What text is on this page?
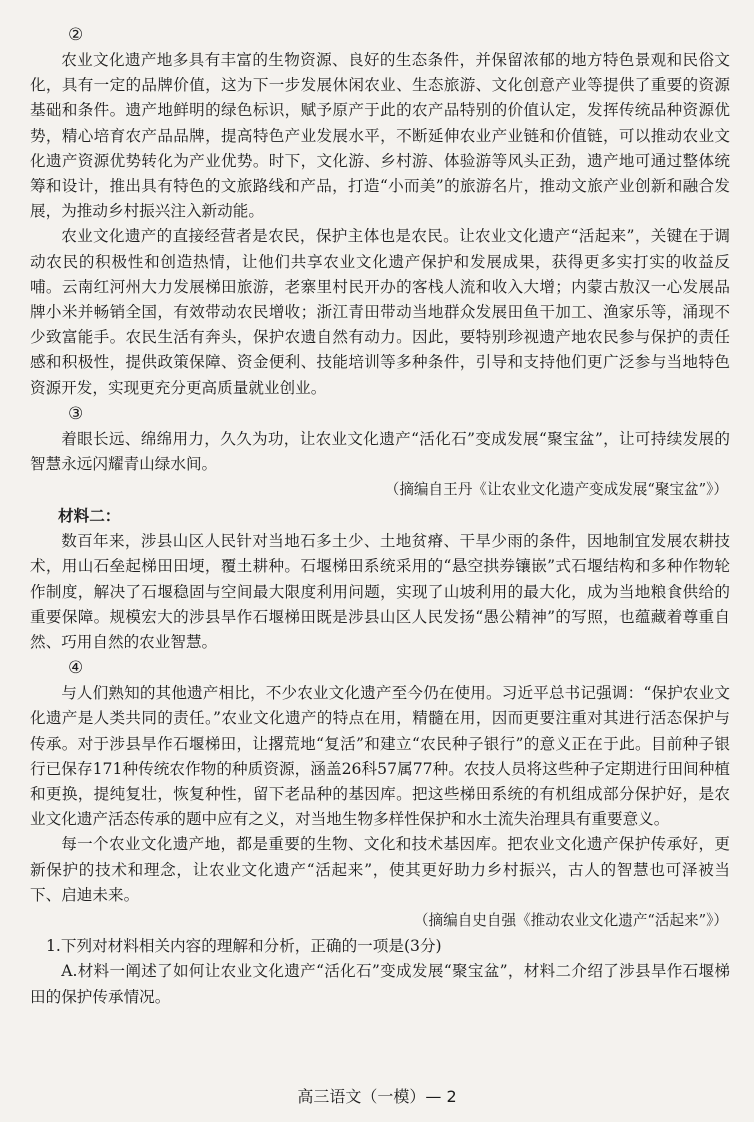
②

农业文化遗产地多具有丰富的生物资源、良好的生态条件，并保留浓郁的地方特色景观和民俗文化，具有一定的品牌价值，这为下一步发展休闲农业、生态旅游、文化创意产业等提供了重要的资源基础和条件。遗产地鲜明的绿色标识，赋予原产于此的农产品特别的价值认定，发挥传统品种资源优势，精心培育农产品品牌，提高特色产业发展水平，不断延伸农业产业链和价值链，可以推动农业文化遗产资源优势转化为产业优势。时下，文化游、乡村游、体验游等风头正劲，遗产地可通过整体统筹和设计，推出具有特色的文旅路线和产品，打造“小而美”的旅游名片，推动文旅产业创新和融合发展，为推动乡村振兴注入新动能。

农业文化遗产的直接经营者是农民，保护主体也是农民。让农业文化遗产“活起来”，关键在于调动农民的积极性和创造热情，让他们共享农业文化遗产保护和发展成果，获得更多实打实的收益反哺。云南红河州大力发展梯田旅游，老寨里村民开办的客栈人流和收入大增；内蒙古敖汉一心发展品牌小米并畅销全国，有效带动农民增收；浙江青田带动当地群众发展田鱼干加工、渔家乐等，涌现不少致富能手。农民生活有奔头，保护农遗自然有动力。因此，要特别珍视遗产地农民参与保护的责任感和积极性，提供政策保障、资金便利、技能培训等多种条件，引导和支持他们更广泛参与当地特色资源开发，实现更充分更高质量就业创业。

③

着眼长远、绵绵用力，久久为功，让农业文化遗产“活化石”变成发展“聚宝盆”，让可持续发展的智慧永远闪耀青山绿水间。

（摘编自王丹《让农业文化遗产变成发展“聚宝盆”》）

材料二：

数百年来，涉县山区人民针对当地石多土少、土地贫瘠、干旱少雨的条件，因地制宜发展农耕技术，用山石垒起梯田田埂，覆土耕种。石堰梯田系统采用的“悬空拱券镶嵌”式石堰结构和多种作物轮作制度，解决了石堰稳固与空间最大限度利用问题，实现了山坡利用的最大化，成为当地粮食供给的重要保障。规模宏大的涉县旱作石堰梯田既是涉县山区人民发扬“愚公精神”的写照，也蕴藏着尊重自然、巧用自然的农业智慧。

④

与人们熟知的其他遗产相比，不少农业文化遗产至今仍在使用。习近平总书记强调：“保护农业文化遗产是人类共同的责任。”农业文化遗产的特点在用，精髓在用，因而更要注重对其进行活态保护与传承。对于涉县旱作石堰梯田，让撂荒地“复活”和建立“农民种子银行”的意义正在于此。目前种子银行已保存171种传统农作物的种质资源，涵盖26科57属77种。农技人员将这些种子定期进行田间种植和更换，提纯复壮，恢复种性，留下老品种的基因库。把这些梯田系统的有机组成部分保护好，是农业文化遗产活态传承的题中应有之义，对当地生物多样性保护和水土流失治理具有重要意义。

每一个农业文化遗产地，都是重要的生物、文化和技术基因库。把农业文化遗产保护传承好，更新保护的技术和理念，让农业文化遗产“活起来”，使其更好助力乡村振兴，古人的智慧也可泽被当下、启迪未来。

（摘编自史自强《推动农业文化遗产“活起来”》）

1.下列对材料相关内容的理解和分析，正确的一项是(3分)

A.材料一阐述了如何让农业文化遗产“活化石”变成发展“聚宝盆”，材料二介绍了涉县旱作石堰梯田的保护传承情况。

高三语文（一模）— 2
